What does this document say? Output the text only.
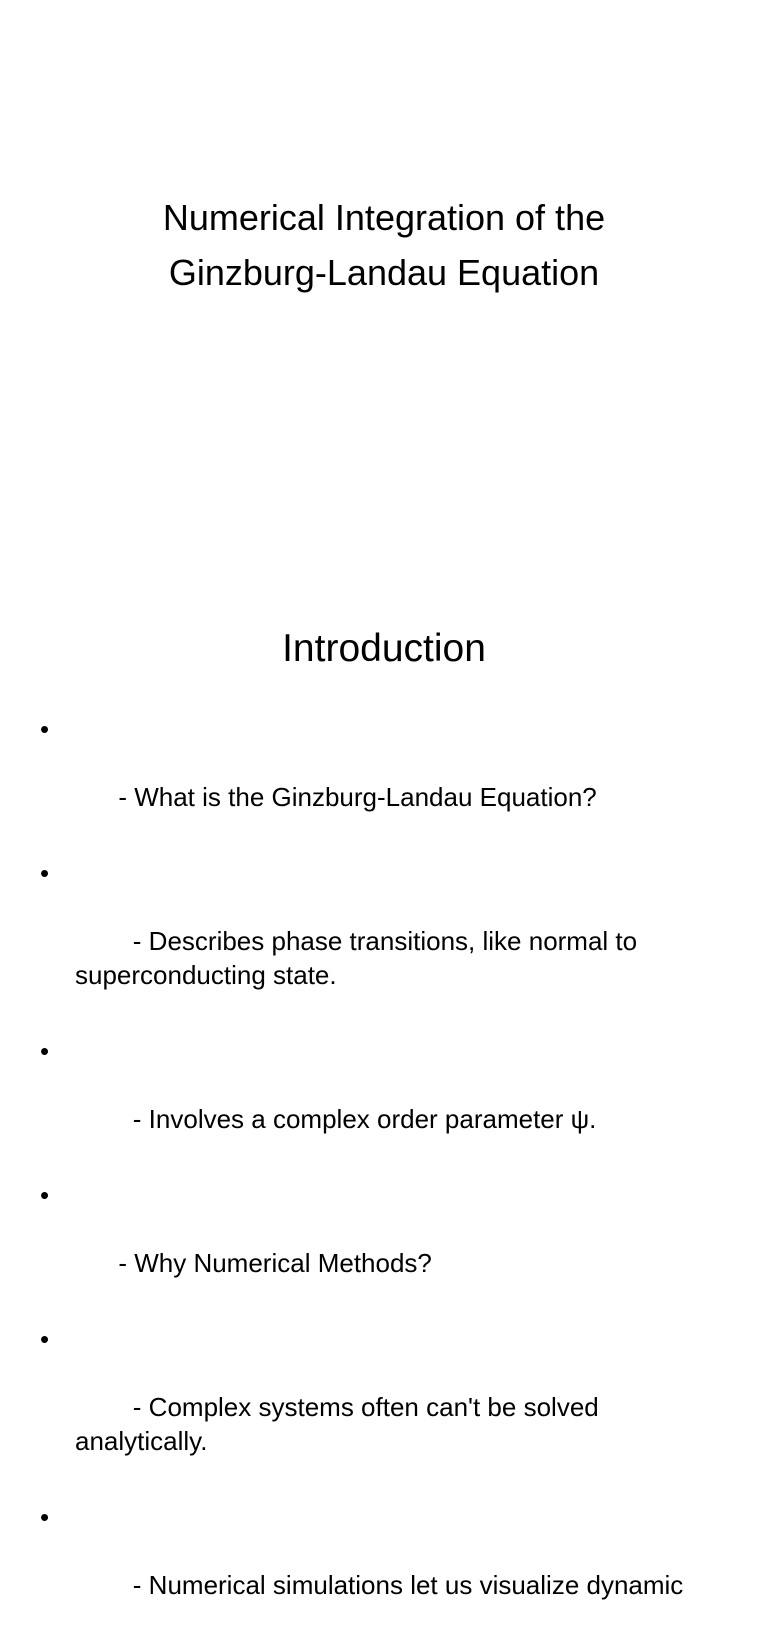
Numerical Integration of the
Ginzburg-Landau Equation
Introduction

•

- What is the Ginzburg-Landau Equation?

•

- Describes phase transitions, like normal to superconducting state.

•

- Involves a complex order parameter ψ.

•

- Why Numerical Methods?

•

- Complex systems often can't be solved analytically.

•

- Numerical simulations let us visualize dynamic
